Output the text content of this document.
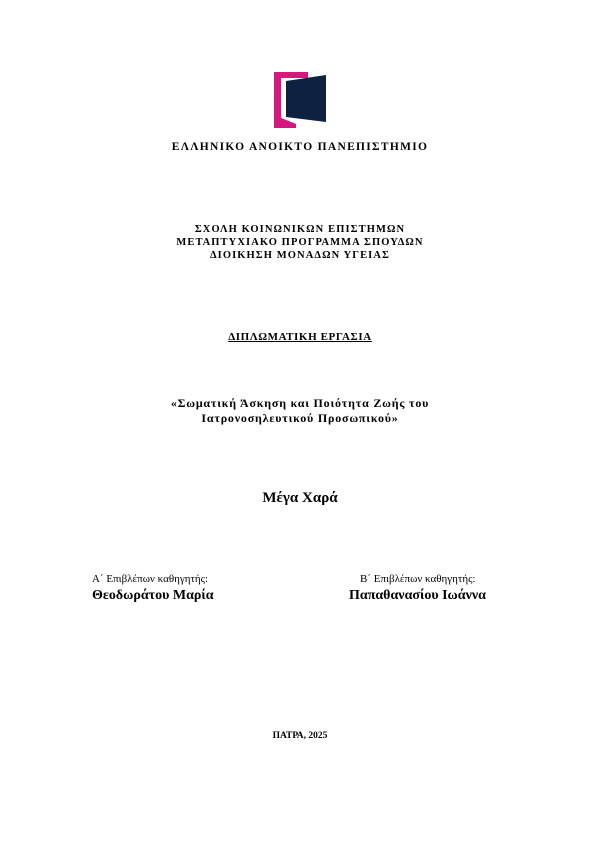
ΕΛΛΗΝΙΚΟ ΑΝΟΙΚΤΟ ΠΑΝΕΠΙΣΤΗΜΙΟ
ΣΧΟΛΗ ΚΟΙΝΩΝΙΚΩΝ ΕΠΙΣΤΗΜΩΝ
ΜΕΤΑΠΤΥΧΙΑΚΟ ΠΡΟΓΡΑΜΜΑ ΣΠΟΥΔΩΝ
ΔΙΟΙΚΗΣΗ ΜΟΝΑΔΩΝ ΥΓΕΙΑΣ
ΔΙΠΛΩΜΑΤΙΚΗ ΕΡΓΑΣΙΑ
«Σωματική Άσκηση και Ποιότητα Ζωής του
Ιατρονοσηλευτικού Προσωπικού»
Μέγα Χαρά
Α΄ Επιβλέπων καθηγητής:
Θεοδωράτου Μαρία
Β΄ Επιβλέπων καθηγητής:
Παπαθανασίου Ιωάννα
ΠΑΤΡΑ, 2025
